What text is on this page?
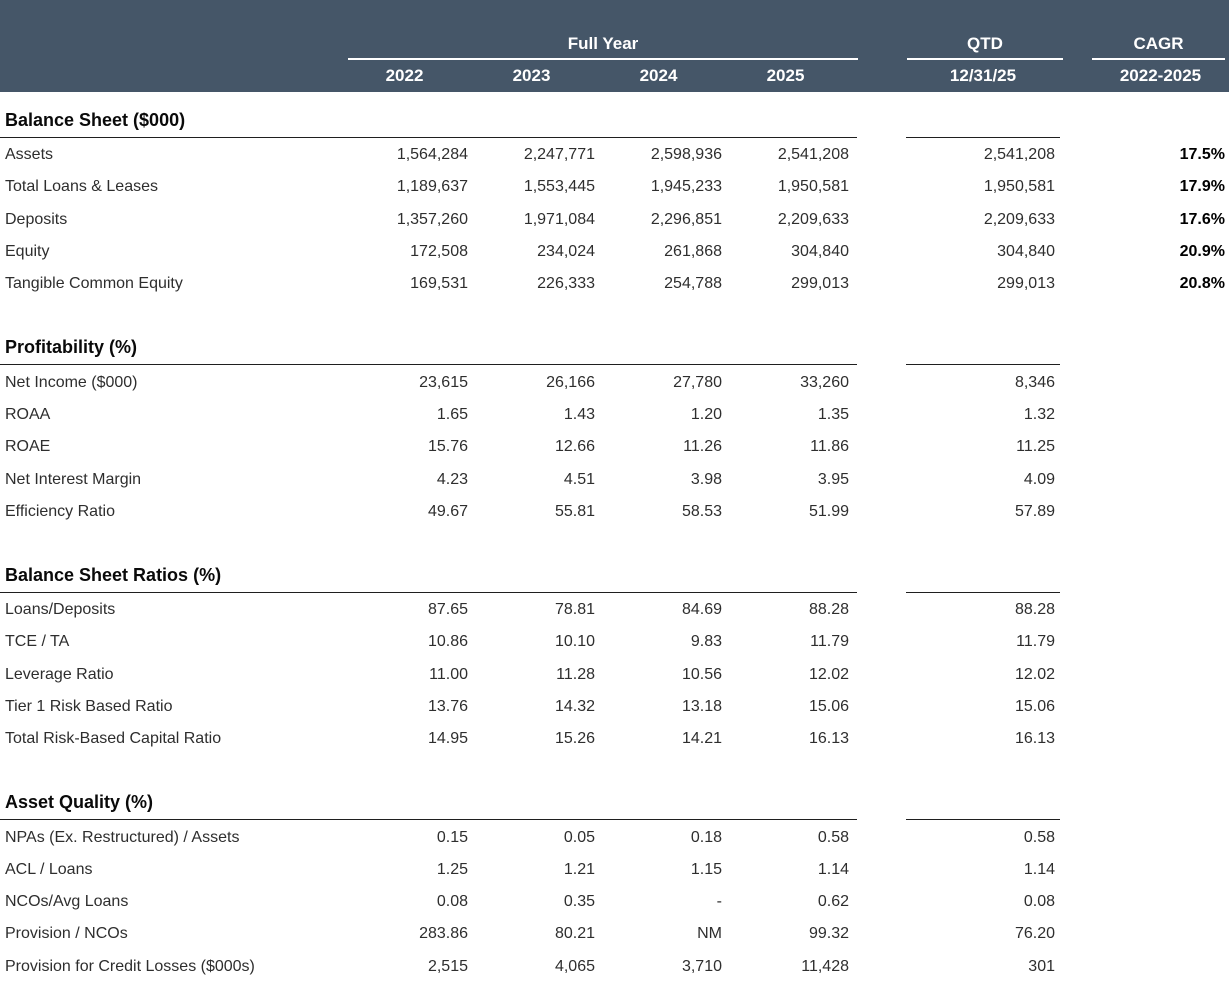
Full Year	QTD	CAGR
2022	2023	2024	2025	12/31/25	2022-2025
Balance Sheet ($000)
Assets	1,564,284	2,247,771	2,598,936	2,541,208	2,541,208	17.5%
Total Loans & Leases	1,189,637	1,553,445	1,945,233	1,950,581	1,950,581	17.9%
Deposits	1,357,260	1,971,084	2,296,851	2,209,633	2,209,633	17.6%
Equity	172,508	234,024	261,868	304,840	304,840	20.9%
Tangible Common Equity	169,531	226,333	254,788	299,013	299,013	20.8%
Profitability (%)
Net Income ($000)	23,615	26,166	27,780	33,260	8,346
ROAA	1.65	1.43	1.20	1.35	1.32
ROAE	15.76	12.66	11.26	11.86	11.25
Net Interest Margin	4.23	4.51	3.98	3.95	4.09
Efficiency Ratio	49.67	55.81	58.53	51.99	57.89
Balance Sheet Ratios (%)
Loans/Deposits	87.65	78.81	84.69	88.28	88.28
TCE / TA	10.86	10.10	9.83	11.79	11.79
Leverage Ratio	11.00	11.28	10.56	12.02	12.02
Tier 1 Risk Based Ratio	13.76	14.32	13.18	15.06	15.06
Total Risk-Based Capital Ratio	14.95	15.26	14.21	16.13	16.13
Asset Quality (%)
NPAs (Ex. Restructured) / Assets	0.15	0.05	0.18	0.58	0.58
ACL / Loans	1.25	1.21	1.15	1.14	1.14
NCOs/Avg Loans	0.08	0.35	-	0.62	0.08
Provision / NCOs	283.86	80.21	NM	99.32	76.20
Provision for Credit Losses ($000s)	2,515	4,065	3,710	11,428	301
